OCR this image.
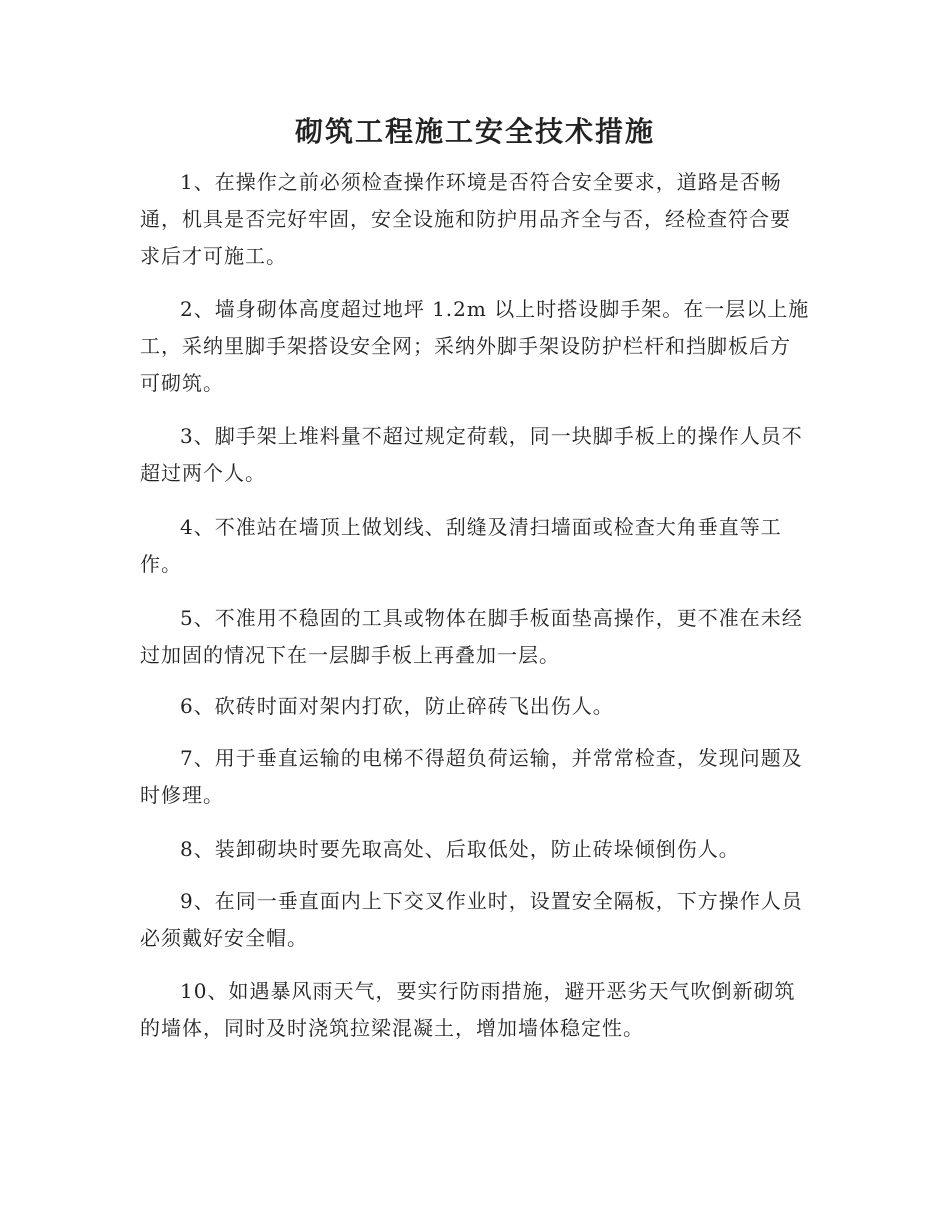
砌筑工程施工安全技术措施

1、在操作之前必须检查操作环境是否符合安全要求，道路是否畅通，机具是否完好牢固，安全设施和防护用品齐全与否，经检查符合要求后才可施工。

2、墙身砌体高度超过地坪 1.2m 以上时搭设脚手架。在一层以上施工，采纳里脚手架搭设安全网；采纳外脚手架设防护栏杆和挡脚板后方可砌筑。

3、脚手架上堆料量不超过规定荷载，同一块脚手板上的操作人员不超过两个人。

4、不准站在墙顶上做划线、刮缝及清扫墙面或检查大角垂直等工作。

5、不准用不稳固的工具或物体在脚手板面垫高操作，更不准在未经过加固的情况下在一层脚手板上再叠加一层。

6、砍砖时面对架内打砍，防止碎砖飞出伤人。

7、用于垂直运输的电梯不得超负荷运输，并常常检查，发现问题及时修理。

8、装卸砌块时要先取高处、后取低处，防止砖垛倾倒伤人。

9、在同一垂直面内上下交叉作业时，设置安全隔板，下方操作人员必须戴好安全帽。

10、如遇暴风雨天气，要实行防雨措施，避开恶劣天气吹倒新砌筑的墙体，同时及时浇筑拉梁混凝土，增加墙体稳定性。
